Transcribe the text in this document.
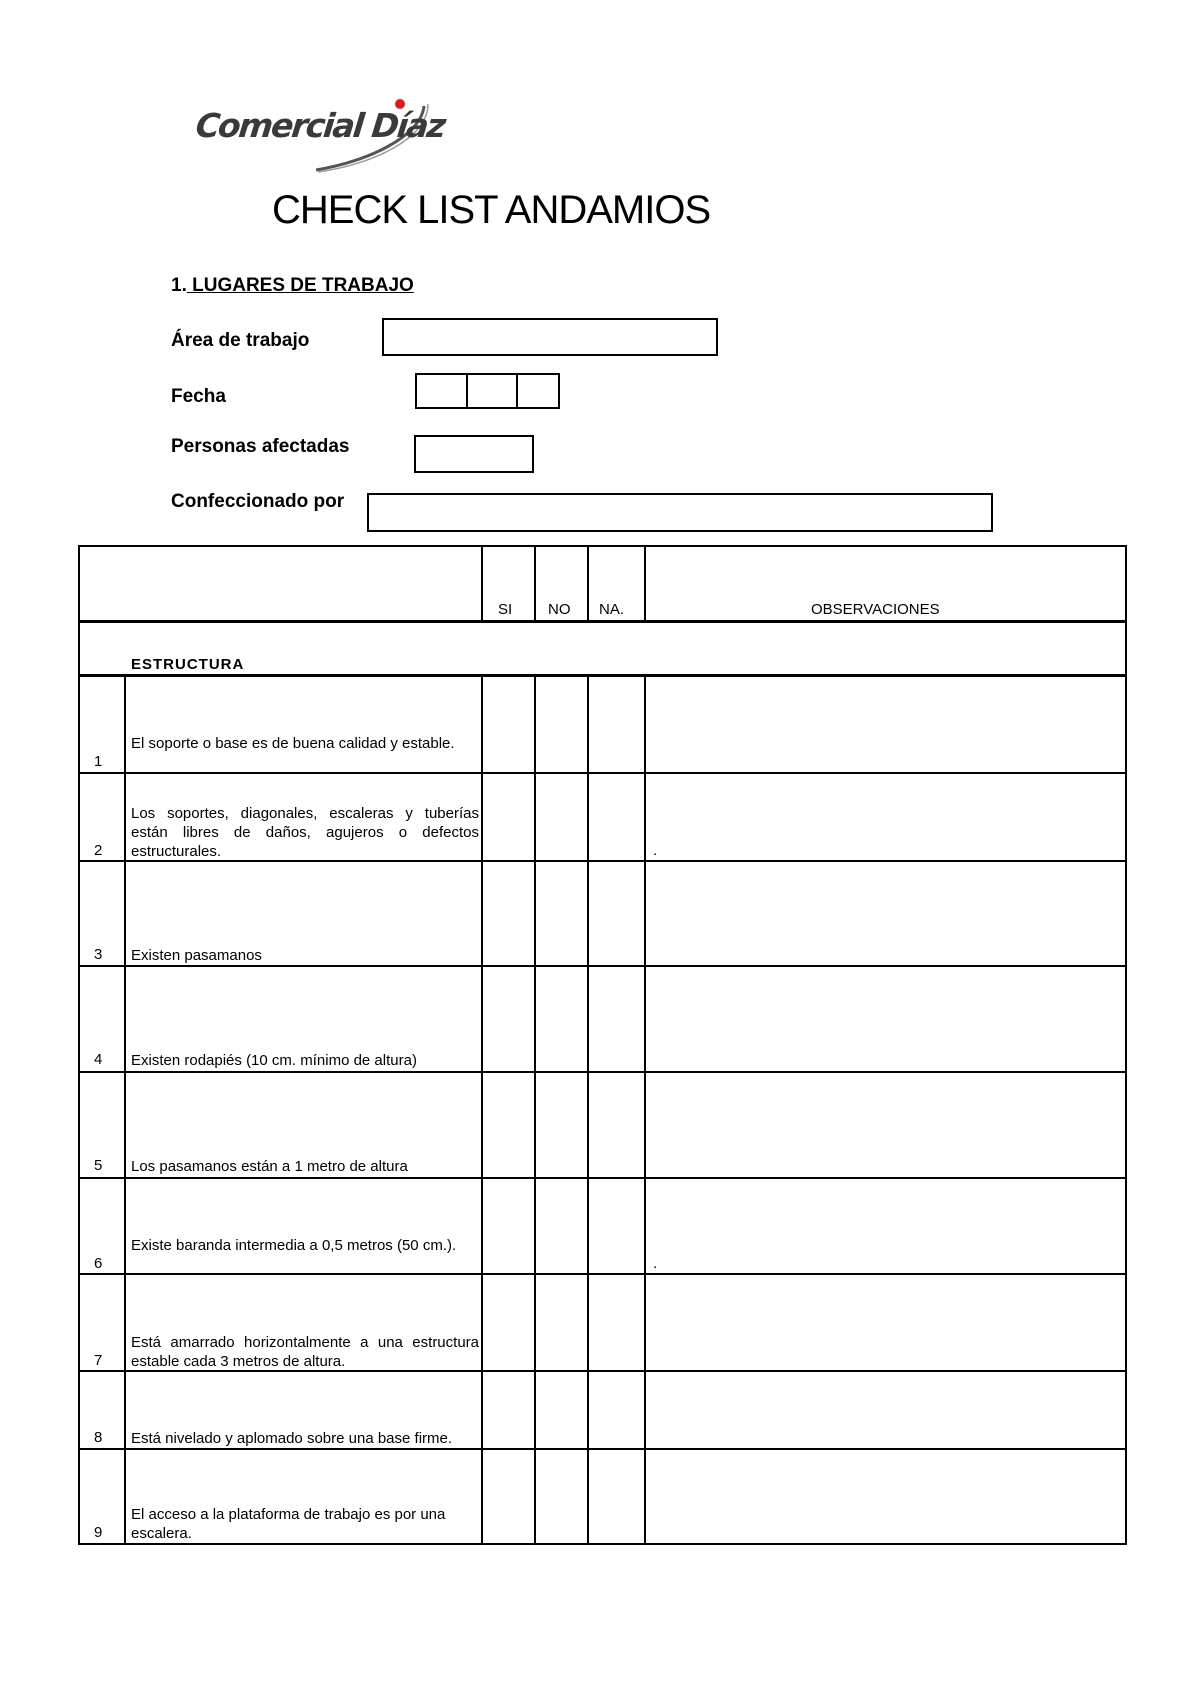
Comercial Díaz
CHECK LIST ANDAMIOS
1. LUGARES DE TRABAJO
Área de trabajo
Fecha
Personas afectadas
Confeccionado por
SI NO NA.	OBSERVACIONES
ESTRUCTURA
1
El soporte o base es de buena calidad y estable.
2
Los soportes, diagonales, escaleras y tuberías están libres de daños, agujeros o defectos estructurales.	.
3 Existen pasamanos
4 Existen rodapiés (10 cm. mínimo de altura)
5 Los pasamanos están a 1 metro de altura
6
Existe baranda intermedia a 0,5 metros (50 cm.).
.
7
Está amarrado horizontalmente a una estructura estable cada 3 metros de altura.
8 Está nivelado y aplomado sobre una base firme.
9
El acceso a la plataforma de trabajo es por una escalera.
